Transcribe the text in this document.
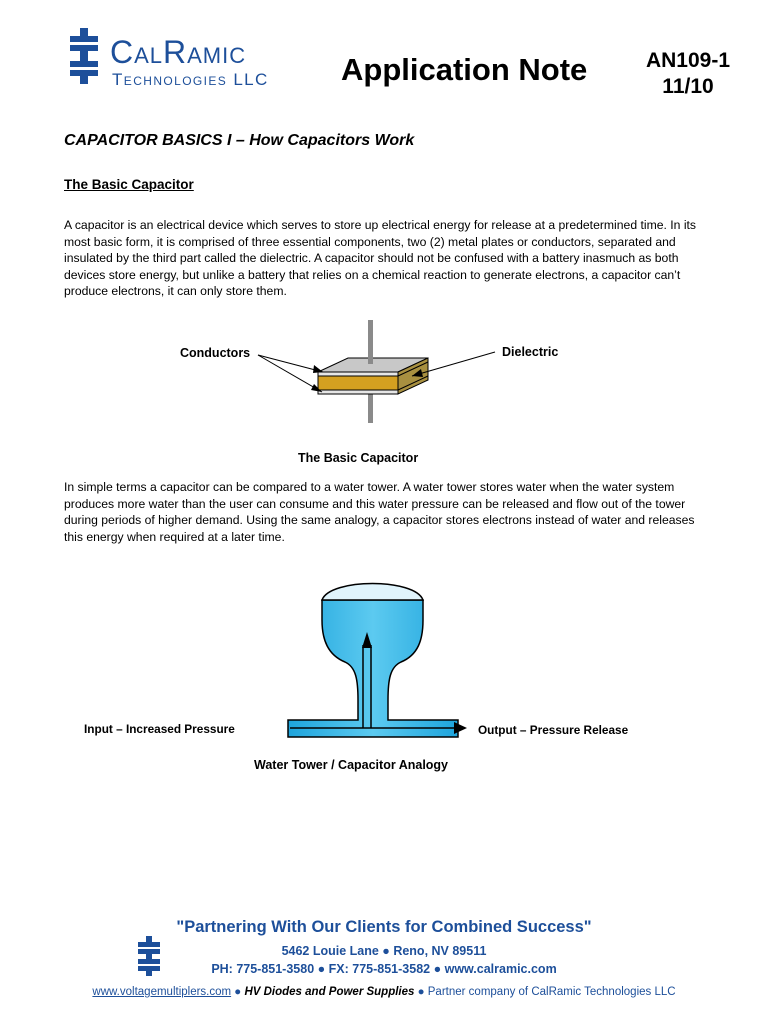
CalRamic
Technologies LLC Application Note	AN109-1
11/10
CAPACITOR BASICS I – How Capacitors Work
The Basic Capacitor
A capacitor is an electrical device which serves to store up electrical energy for release at a predetermined time. In its most basic form, it is comprised of three essential components, two (2) metal plates or conductors, separated and insulated by the third part called the dielectric. A capacitor should not be confused with a battery inasmuch as both devices store energy, but unlike a battery that relies on a chemical reaction to generate electrons, a capacitor can’t produce electrons, it can only store them.
Conductors	Dielectric
The Basic Capacitor
In simple terms a capacitor can be compared to a water tower. A water tower stores water when the water system produces more water than the user can consume and this water pressure can be released and flow out of the tower during periods of higher demand. Using the same analogy, a capacitor stores electrons instead of water and releases this energy when required at a later time.
Input – Increased Pressure	Output – Pressure Release
Water Tower / Capacitor Analogy
"Partnering With Our Clients for Combined Success"
5462 Louie Lane ● Reno, NV 89511
PH: 775-851-3580 ● FX: 775-851-3582 ● www.calramic.com
www.voltagemultiplers.com ● HV Diodes and Power Supplies ● Partner company of CalRamic Technologies LLC
